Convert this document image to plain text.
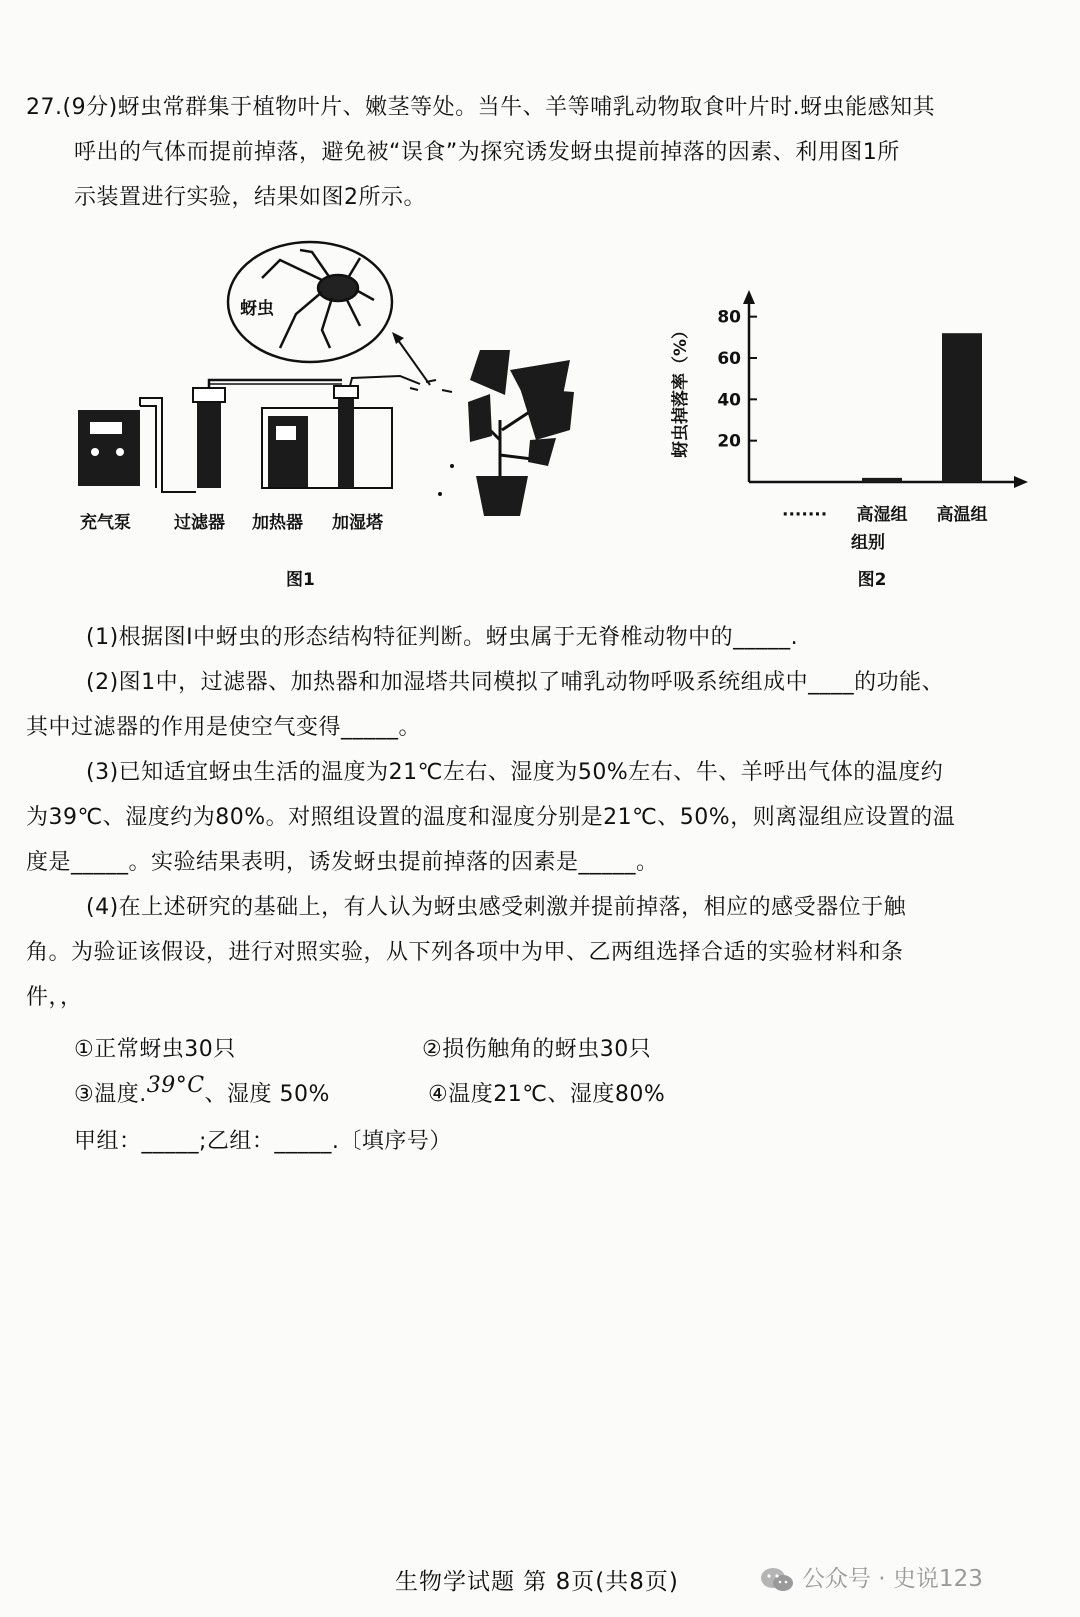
27.(9分)蚜虫常群集于植物叶片、嫩茎等处。当牛、羊等哺乳动物取食叶片时.蚜虫能感知其
呼出的气体而提前掉落，避免被“误食”为探究诱发蚜虫提前掉落的因素、利用图1所
示装置进行实验，结果如图2所示。
蚜虫
充气泵	过滤器 加热器 加湿塔
图1
20
40
60
80
高湿组 高温组
蚜虫掉落率（%）
组别
·······
图2
(1)根据图Ⅰ中蚜虫的形态结构特征判断。蚜虫属于无脊椎动物中的_____.
(2)图1中，过滤器、加热器和加湿塔共同模拟了哺乳动物呼吸系统组成中____的功能、
其中过滤器的作用是使空气变得_____。
(3)已知适宜蚜虫生活的温度为21℃左右、湿度为50%左右、牛、羊呼出气体的温度约
为39℃、湿度约为80%。对照组设置的温度和湿度分别是21℃、50%，则离湿组应设置的温
度是_____。实验结果表明，诱发蚜虫提前掉落的因素是_____。
(4)在上述研究的基础上，有人认为蚜虫感受刺激并提前掉落，相应的感受器位于触
角。为验证该假设，进行对照实验，从下列各项中为甲、乙两组选择合适的实验材料和条
件，，
①正常蚜虫30只	②损伤触角的蚜虫30只
③温度.39°C、湿度 50%	④温度21℃、湿度80%
甲组：_____;乙组：_____.〔填序号）
生物学试题 第 8页(共8页)	公众号 · 史说123
